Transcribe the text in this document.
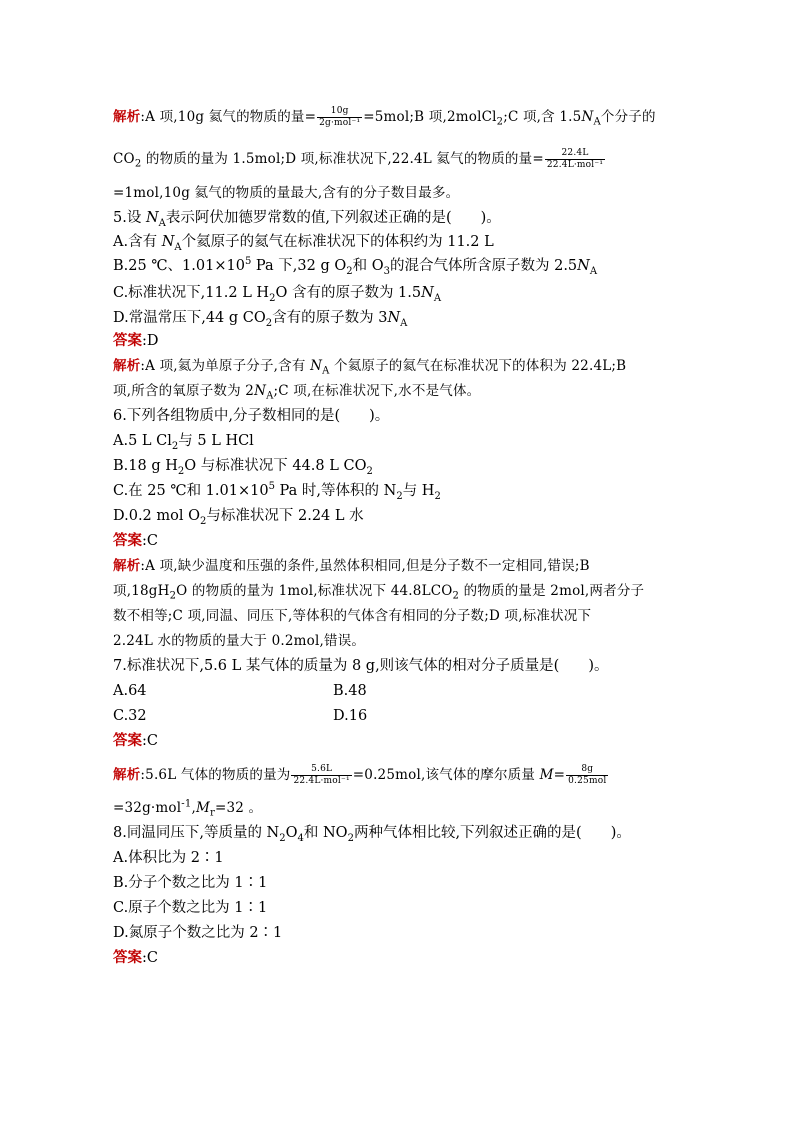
解析:A 项,10g 氦气的物质的量= $\frac{10g}{\text{2g·mol⁻¹}}$ =5mol;B 项,2molCl$_2$;C 项,含 $1.5N_A$个分子的
$CO_2$ 的物质的量为 1.5mol;D 项,标准状况下,22.4L 氦气的物质的量= $\frac{22.4L}{\text{22.4L·mol⁻¹}}$
=1mol,10g 氦气的物质的量最大,含有的分子数目最多。
5.设 $N_A$表示阿伏加德罗常数的值,下列叙述正确的是(　　)。
A.含有 $N_A$个氦原子的氦气在标准状况下的体积约为 11.2 L
B.25 ℃、$1.01\times 10^5$ Pa 下,32 g $O_2$和 $O_3$的混合气体所含原子数为 $2.5N_A$
C.标准状况下,11.2 L $H_2O$ 含有的原子数为 $1.5N_A$
D.常温常压下,44 g $CO_2$含有的原子数为 $3N_A$
答案:D
解析:A 项,氦为单原子分子,含有 $N_A$ 个氦原子的氦气在标准状况下的体积为 22.4L;B
项,所含的氧原子数为 $2N_A;C$ 项,在标准状况下,水不是气体。
6.下列各组物质中,分子数相同的是(　　)。
A.5 L $Cl_2$与 5 L HCl
B.18 g $H_2O$ 与标准状况下 44.8 L $CO_2$
C.在 25 ℃和 $1.01\times 10^5$ Pa 时,等体积的 $N_2$与 $H_2$
D.0.2 mol $O_2$与标准状况下 2.24 L 水
答案:C
解析:A 项,缺少温度和压强的条件,虽然体积相同,但是分子数不一定相同,错误;B
项$,18gH_2O$ 的物质的量为 1mol,标准状况下 $44.8LCO_2$ 的物质的量是 2mol,两者分子
数不相等;C 项,同温、同压下,等体积的气体含有相同的分子数;D 项,标准状况下
2.24L 水的物质的量大于 0.2mol,错误。
7.标准状况下,5.6 L 某气体的质量为 8 g,则该气体的相对分子质量是(　　)。
A.64	B.48
C.32	D.16
答案:C
解析:5.6L 气体的物质的量为 $\frac{5.6L}{\text{22.4L·mol⁻¹}} =0.25mol$,该气体的摩尔质量 $M= \frac{8g}{\text{0.25mol}}$
$=32g\cdot mol^{-1},M_r=32$ 。
8.同温同压下,等质量的 $N_2O_4$和 $NO_2$两种气体相比较,下列叙述正确的是(　　)。
A.体积比为 2∶1
B.分子个数之比为 1∶1
C.原子个数之比为 1∶1
D.氮原子个数之比为 2∶1
答案:C
